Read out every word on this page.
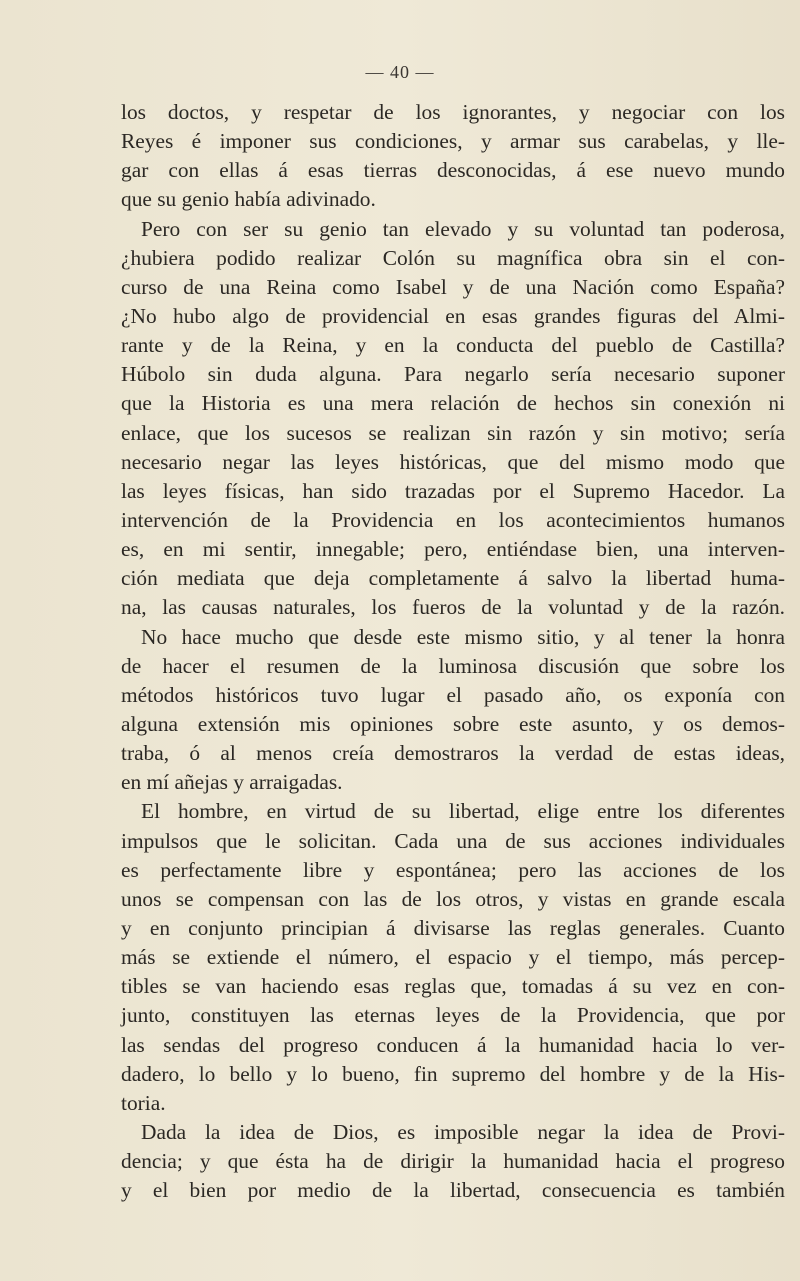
— 40 —
los doctos, y respetar de los ignorantes, y negociar con los
Reyes é imponer sus condiciones, y armar sus carabelas, y lle-
gar con ellas á esas tierras desconocidas, á ese nuevo mundo
que su genio había adivinado.
Pero con ser su genio tan elevado y su voluntad tan poderosa,
¿hubiera podido realizar Colón su magnífica obra sin el con-
curso de una Reina como Isabel y de una Nación como España?
¿No hubo algo de providencial en esas grandes figuras del Almi-
rante y de la Reina, y en la conducta del pueblo de Castilla?
Húbolo sin duda alguna. Para negarlo sería necesario suponer
que la Historia es una mera relación de hechos sin conexión ni
enlace, que los sucesos se realizan sin razón y sin motivo; sería
necesario negar las leyes históricas, que del mismo modo que
las leyes físicas, han sido trazadas por el Supremo Hacedor. La
intervención de la Providencia en los acontecimientos humanos
es, en mi sentir, innegable; pero, entiéndase bien, una interven-
ción mediata que deja completamente á salvo la libertad huma-
na, las causas naturales, los fueros de la voluntad y de la razón.
No hace mucho que desde este mismo sitio, y al tener la honra
de hacer el resumen de la luminosa discusión que sobre los
métodos históricos tuvo lugar el pasado año, os exponía con
alguna extensión mis opiniones sobre este asunto, y os demos-
traba, ó al menos creía demostraros la verdad de estas ideas,
en mí añejas y arraigadas.
El hombre, en virtud de su libertad, elige entre los diferentes
impulsos que le solicitan. Cada una de sus acciones individuales
es perfectamente libre y espontánea; pero las acciones de los
unos se compensan con las de los otros, y vistas en grande escala
y en conjunto principian á divisarse las reglas generales. Cuanto
más se extiende el número, el espacio y el tiempo, más percep-
tibles se van haciendo esas reglas que, tomadas á su vez en con-
junto, constituyen las eternas leyes de la Providencia, que por
las sendas del progreso conducen á la humanidad hacia lo ver-
dadero, lo bello y lo bueno, fin supremo del hombre y de la His-
toria.
Dada la idea de Dios, es imposible negar la idea de Provi-
dencia; y que ésta ha de dirigir la humanidad hacia el progreso
y el bien por medio de la libertad, consecuencia es también
